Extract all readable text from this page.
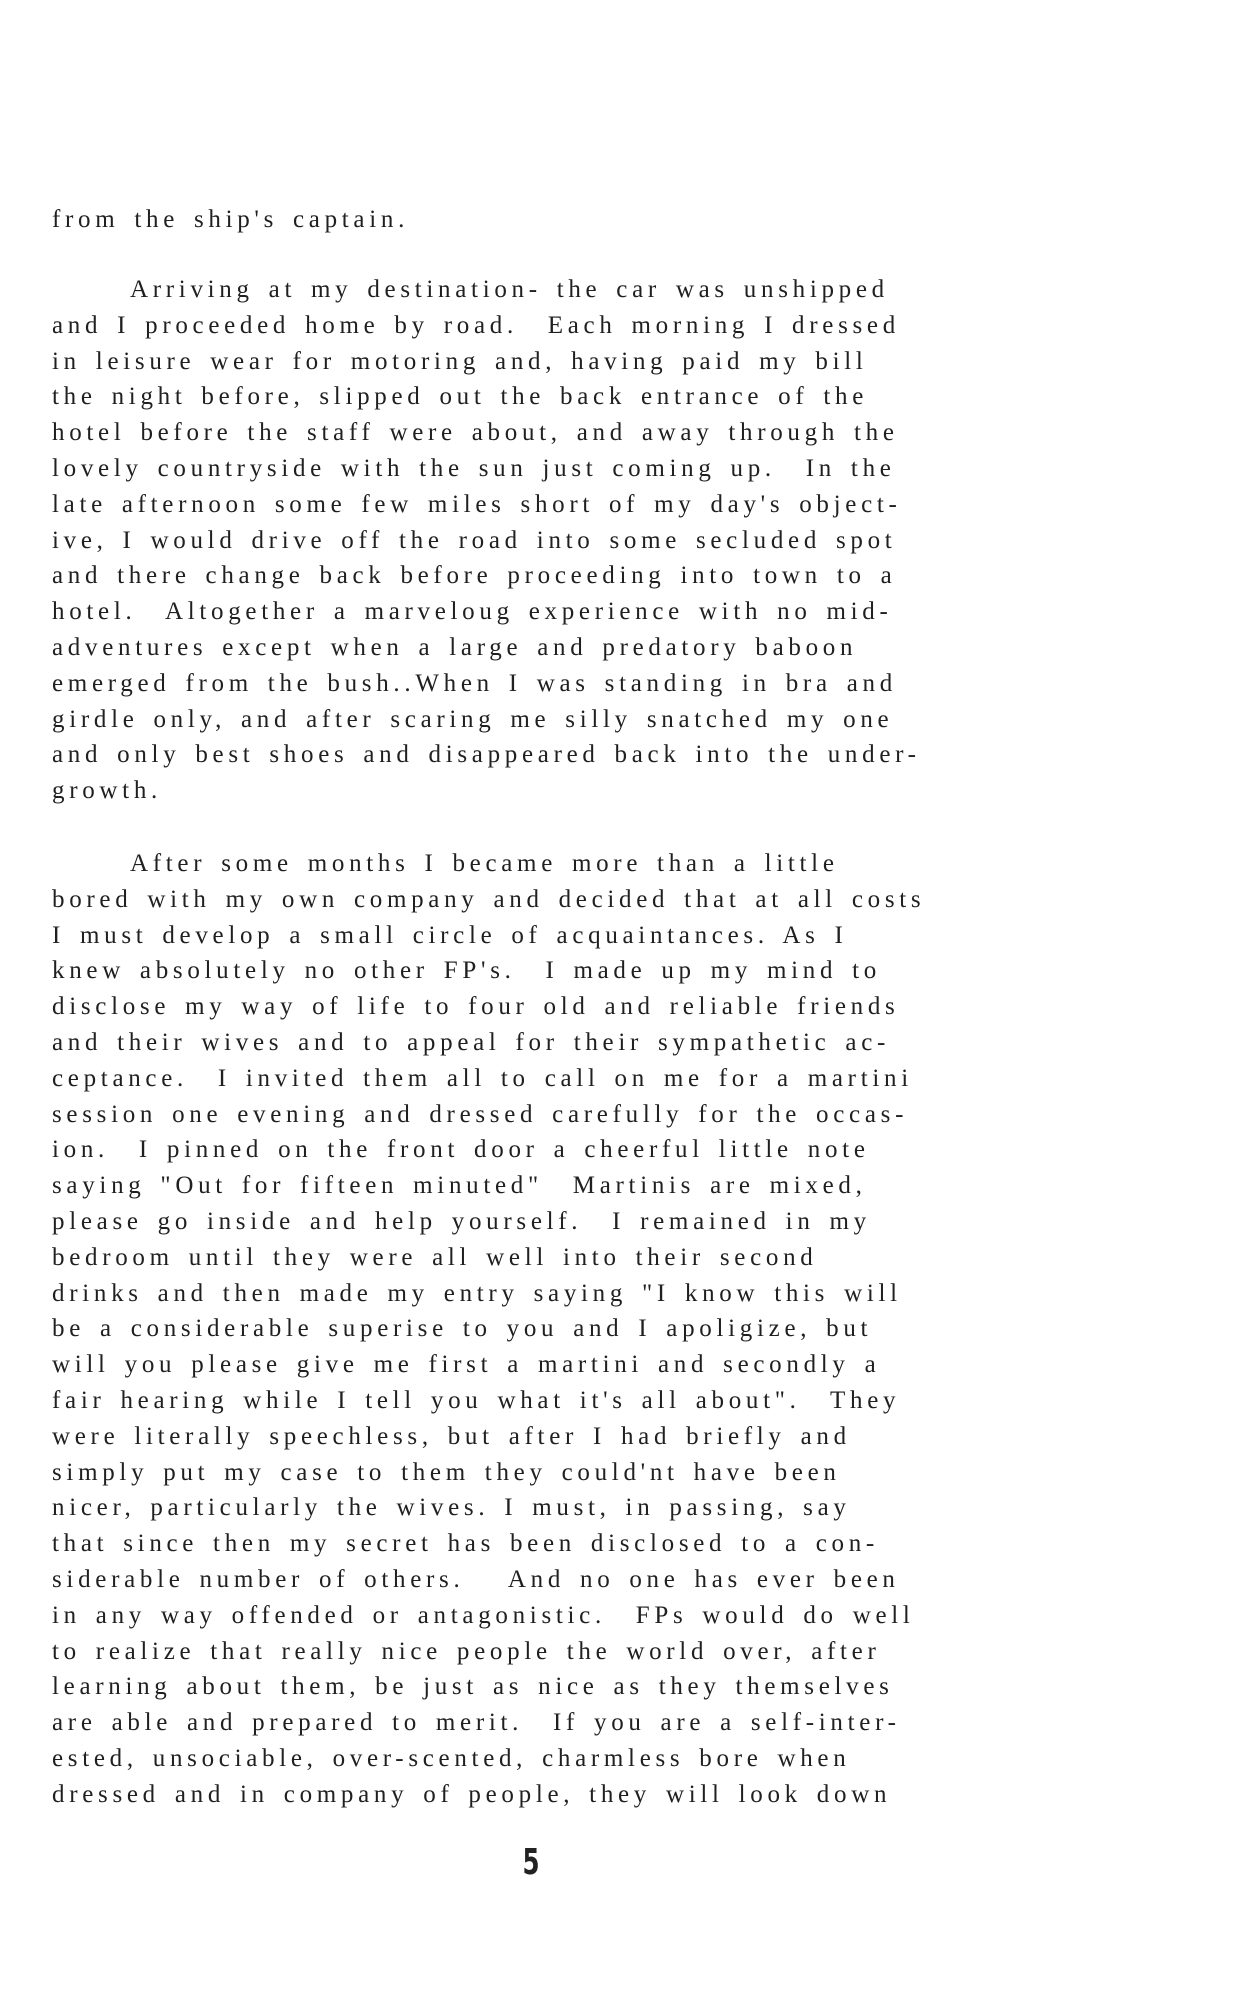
from the ship's captain.
Arriving at my destination- the car was unshipped
and I proceeded home by road.  Each morning I dressed
in leisure wear for motoring and, having paid my bill
the night before, slipped out the back entrance of the
hotel before the staff were about, and away through the
lovely countryside with the sun just coming up.  In the
late afternoon some few miles short of my day's object-
ive, I would drive off the road into some secluded spot
and there change back before proceeding into town to a
hotel.  Altogether a marveloug experience with no mid-
adventures except when a large and predatory baboon
emerged from the bush..When I was standing in bra and
girdle only, and after scaring me silly snatched my one
and only best shoes and disappeared back into the under-
growth.
After some months I became more than a little
bored with my own company and decided that at all costs
I must develop a small circle of acquaintances. As I
knew absolutely no other FP's.  I made up my mind to
disclose my way of life to four old and reliable friends
and their wives and to appeal for their sympathetic ac-
ceptance.  I invited them all to call on me for a martini
session one evening and dressed carefully for the occas-
ion.  I pinned on the front door a cheerful little note
saying "Out for fifteen minuted"  Martinis are mixed,
please go inside and help yourself.  I remained in my
bedroom until they were all well into their second
drinks and then made my entry saying "I know this will
be a considerable superise to you and I apoligize, but
will you please give me first a martini and secondly a
fair hearing while I tell you what it's all about".  They
were literally speechless, but after I had briefly and
simply put my case to them they could'nt have been
nicer, particularly the wives. I must, in passing, say
that since then my secret has been disclosed to a con-
siderable number of others.   And no one has ever been
in any way offended or antagonistic.  FPs would do well
to realize that really nice people the world over, after
learning about them, be just as nice as they themselves
are able and prepared to merit.  If you are a self-inter-
ested, unsociable, over-scented, charmless bore when
dressed and in company of people, they will look down
5
